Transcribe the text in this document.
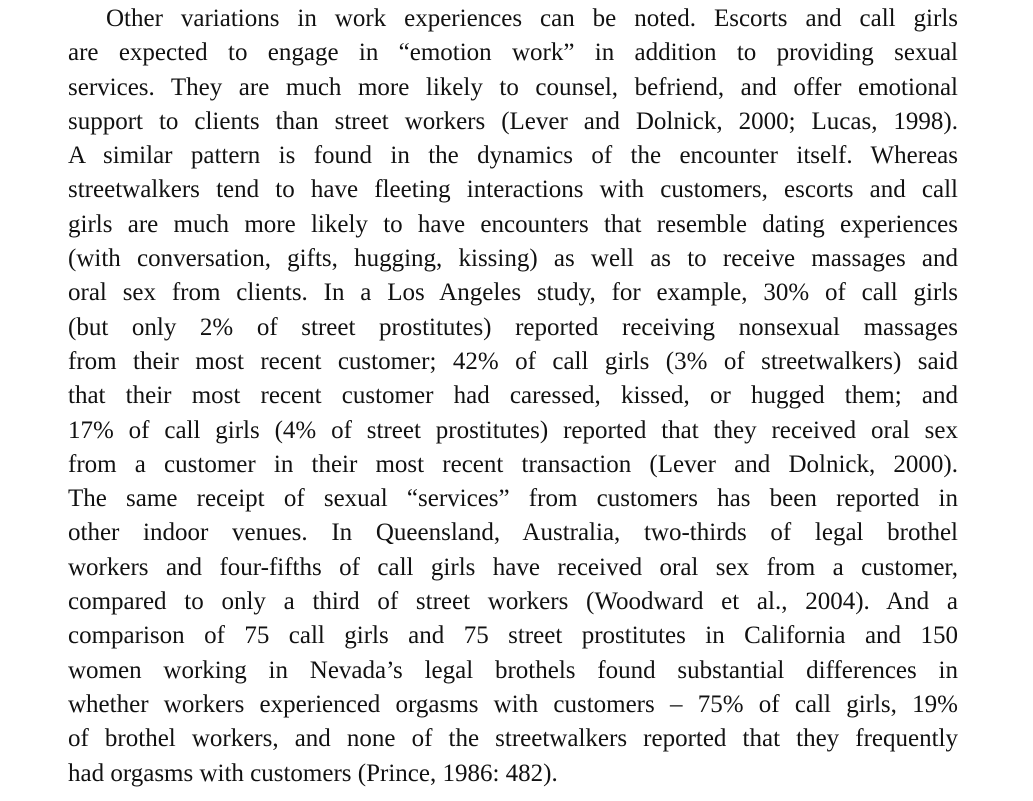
Other variations in work experiences can be noted. Escorts and call girls
are expected to engage in “emotion work” in addition to providing sexual
services. They are much more likely to counsel, befriend, and offer emotional
support to clients than street workers (Lever and Dolnick, 2000; Lucas, 1998).
A similar pattern is found in the dynamics of the encounter itself. Whereas
streetwalkers tend to have fleeting interactions with customers, escorts and call
girls are much more likely to have encounters that resemble dating experiences
(with conversation, gifts, hugging, kissing) as well as to receive massages and
oral sex from clients. In a Los Angeles study, for example, 30% of call girls
(but only 2% of street prostitutes) reported receiving nonsexual massages
from their most recent customer; 42% of call girls (3% of streetwalkers) said
that their most recent customer had caressed, kissed, or hugged them; and
17% of call girls (4% of street prostitutes) reported that they received oral sex
from a customer in their most recent transaction (Lever and Dolnick, 2000).
The same receipt of sexual “services” from customers has been reported in
other indoor venues. In Queensland, Australia, two-thirds of legal brothel
workers and four-fifths of call girls have received oral sex from a customer,
compared to only a third of street workers (Woodward et al., 2004). And a
comparison of 75 call girls and 75 street prostitutes in California and 150
women working in Nevada’s legal brothels found substantial differences in
whether workers experienced orgasms with customers – 75% of call girls, 19%
of brothel workers, and none of the streetwalkers reported that they frequently
had orgasms with customers (Prince, 1986: 482).
